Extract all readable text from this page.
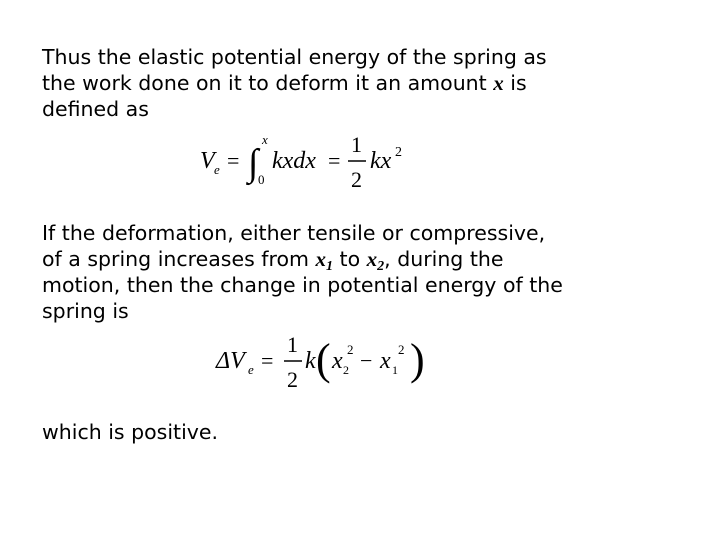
Thus the elastic potential energy of the spring as
the work done on it to deform it an amount x is
defined as
V e = ∫
x
0
kxdx =
1
2
kx 2
If the deformation, either tensile or compressive,
of a spring increases from $x_1$ to $x_2$, during the
motion, then the change in potential energy of the
spring is
ΔV e =
1
2
k ( x 2
2 − x 1
2 )
which is positive.
